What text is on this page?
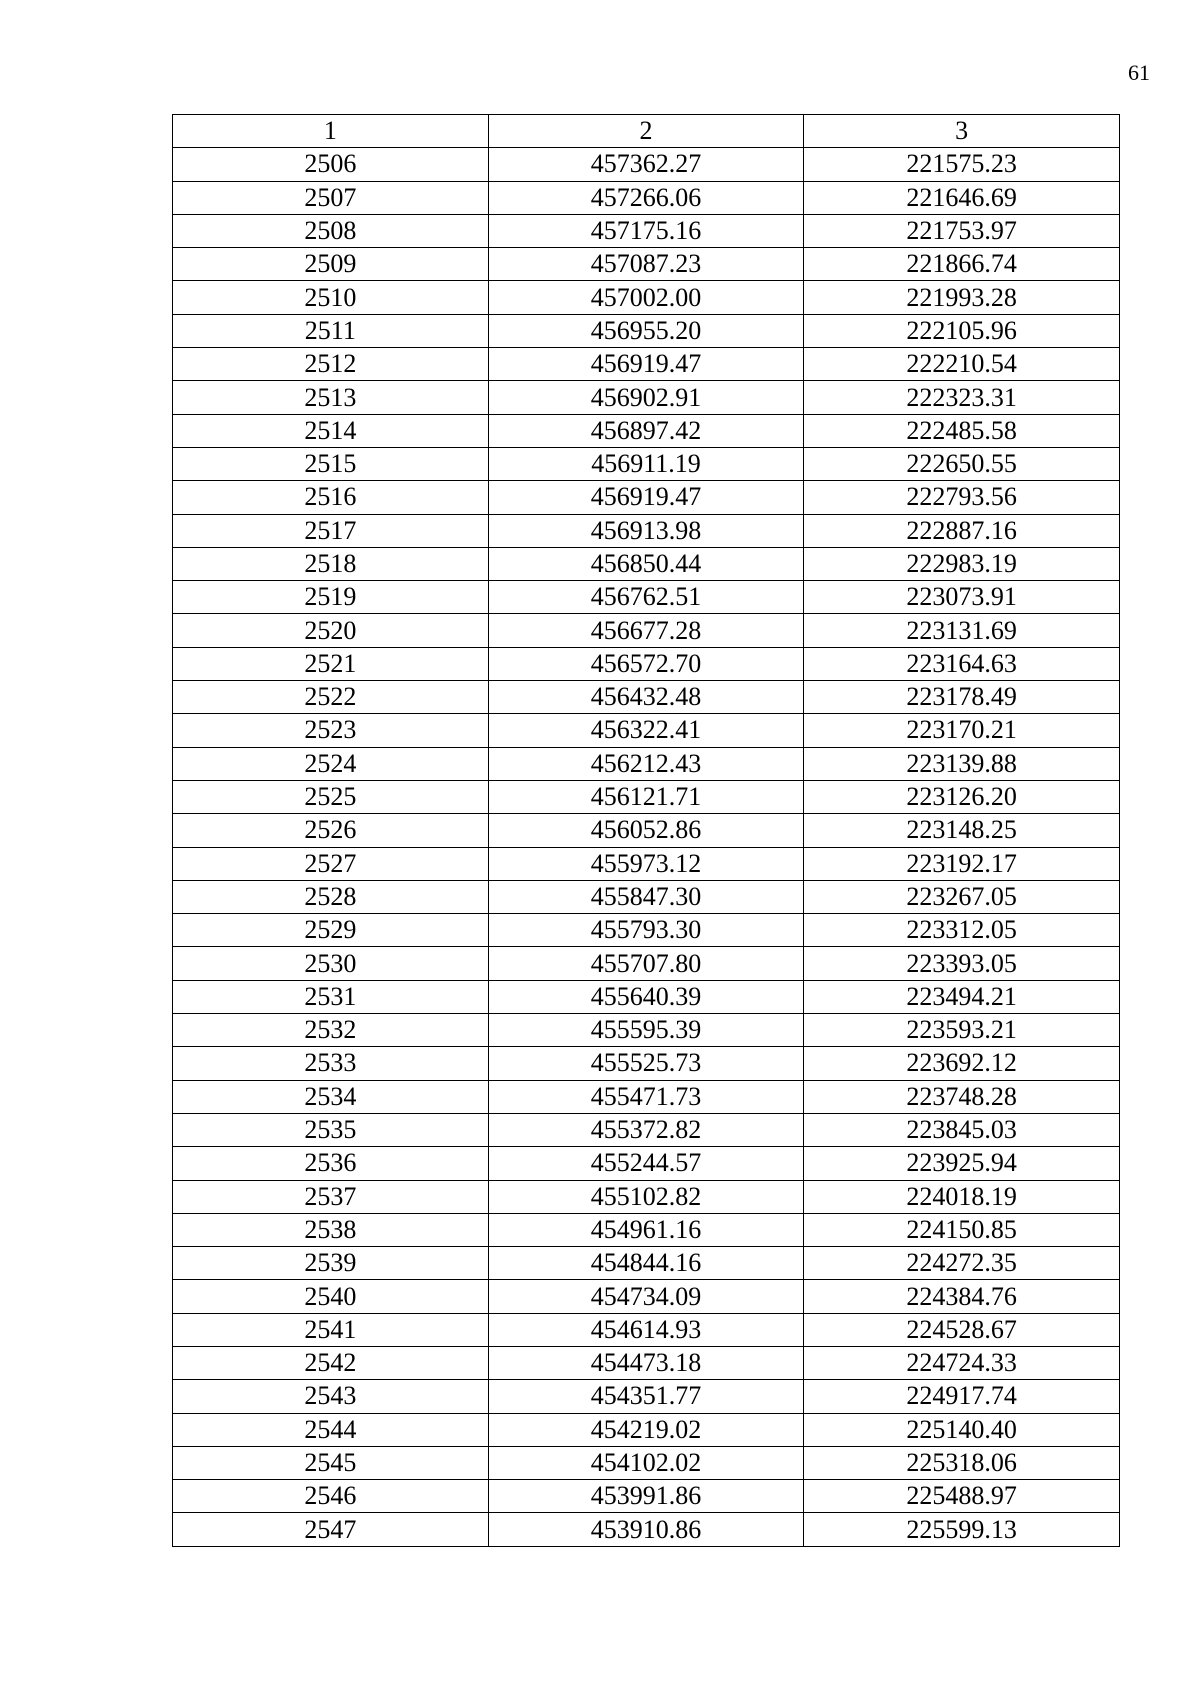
61
1	2	3
2506	457362.27	221575.23
2507	457266.06	221646.69
2508	457175.16	221753.97
2509	457087.23	221866.74
2510	457002.00	221993.28
2511	456955.20	222105.96
2512	456919.47	222210.54
2513	456902.91	222323.31
2514	456897.42	222485.58
2515	456911.19	222650.55
2516	456919.47	222793.56
2517	456913.98	222887.16
2518	456850.44	222983.19
2519	456762.51	223073.91
2520	456677.28	223131.69
2521	456572.70	223164.63
2522	456432.48	223178.49
2523	456322.41	223170.21
2524	456212.43	223139.88
2525	456121.71	223126.20
2526	456052.86	223148.25
2527	455973.12	223192.17
2528	455847.30	223267.05
2529	455793.30	223312.05
2530	455707.80	223393.05
2531	455640.39	223494.21
2532	455595.39	223593.21
2533	455525.73	223692.12
2534	455471.73	223748.28
2535	455372.82	223845.03
2536	455244.57	223925.94
2537	455102.82	224018.19
2538	454961.16	224150.85
2539	454844.16	224272.35
2540	454734.09	224384.76
2541	454614.93	224528.67
2542	454473.18	224724.33
2543	454351.77	224917.74
2544	454219.02	225140.40
2545	454102.02	225318.06
2546	453991.86	225488.97
2547	453910.86	225599.13
